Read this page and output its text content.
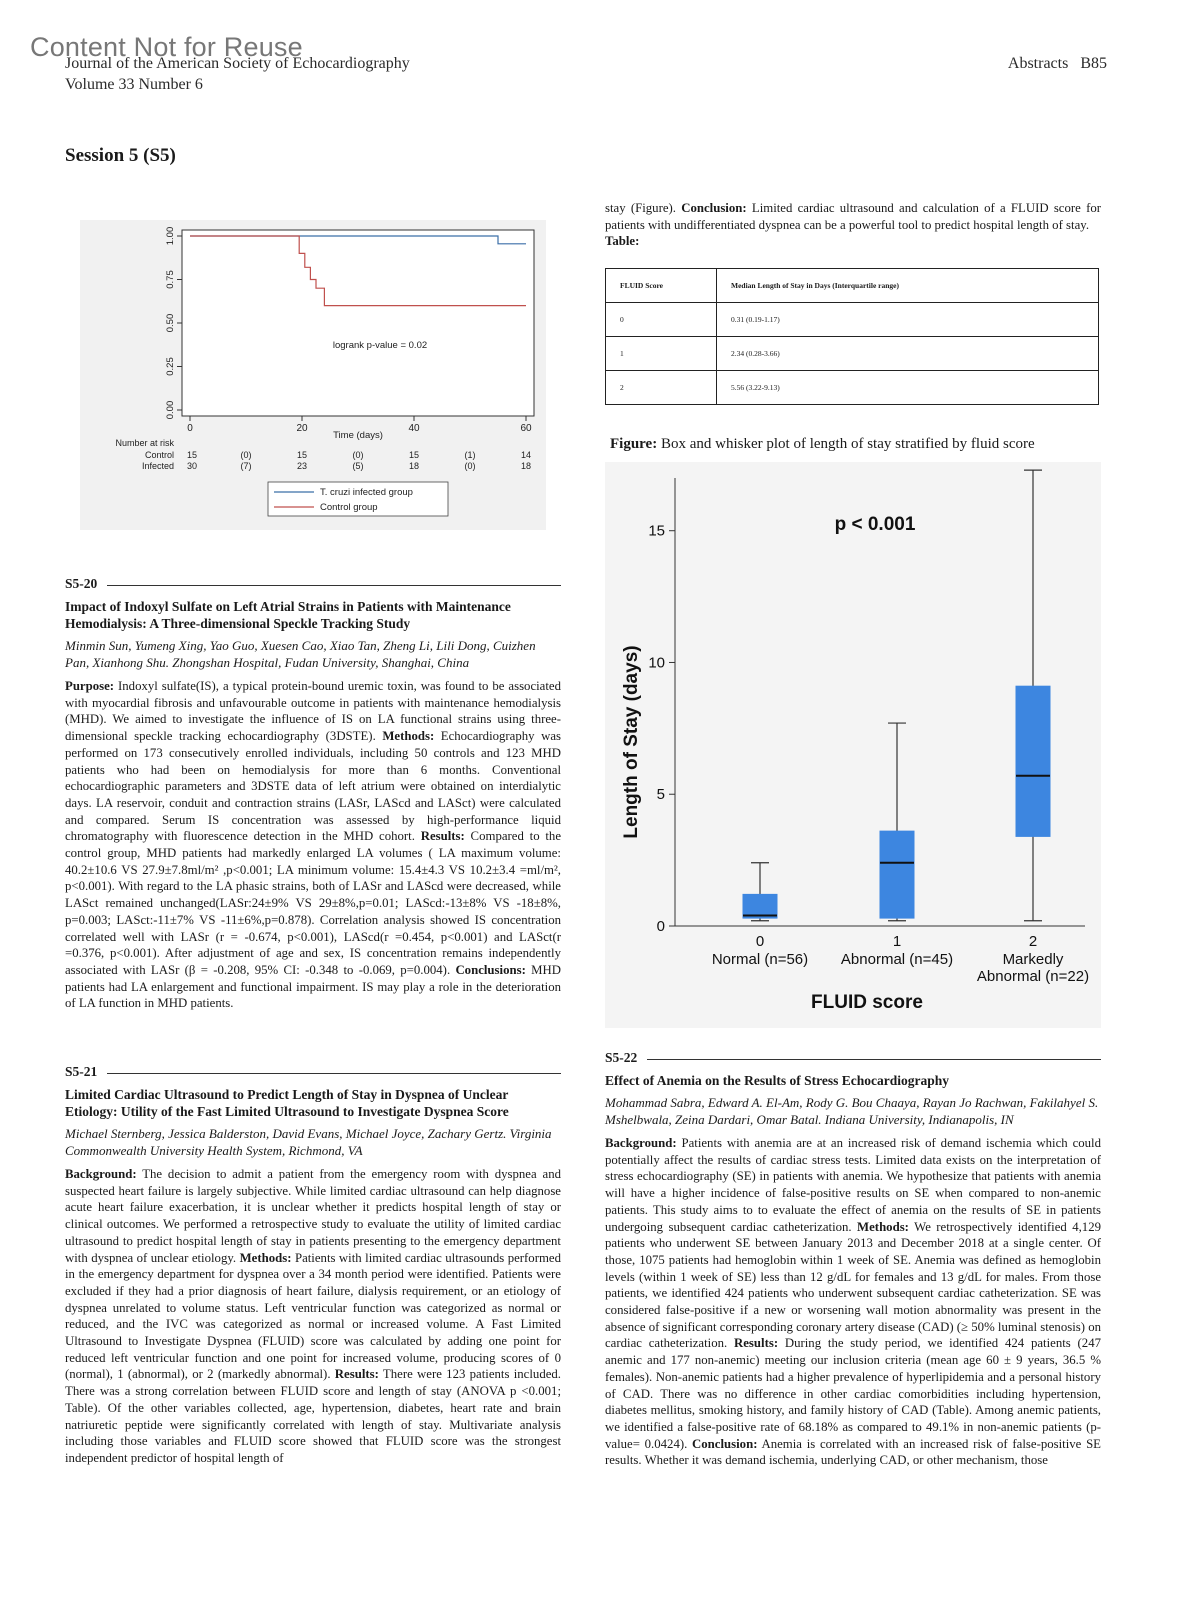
Content Not for Reuse
Journal of the American Society of Echocardiography
Volume 33 Number 6
Abstracts B85
Session 5 (S5)
0.00
0.25
0.50
0.75
1.00
0	20	40	60
Time (days)
logrank p-value = 0.02
Number at risk
Control 15	(0)	15	(0)	15	(1)	14
Infected 30	(7)	23	(5)	18	(0)	18
T. cruzi infected group
Control group
S5-20
Impact of Indoxyl Sulfate on Left Atrial Strains in Patients with Maintenance Hemodialysis: A Three-dimensional Speckle Tracking Study
Minmin Sun, Yumeng Xing, Yao Guo, Xuesen Cao, Xiao Tan, Zheng Li, Lili Dong, Cuizhen Pan, Xianhong Shu. Zhongshan Hospital, Fudan University, Shanghai, China

Purpose: Indoxyl sulfate(IS), a typical protein-bound uremic toxin, was found to be associated with myocardial fibrosis and unfavourable outcome in patients with maintenance hemodialysis (MHD). We aimed to investigate the influence of IS on LA functional strains using three-dimensional speckle tracking echocardiography (3DSTE). Methods: Echocardiography was performed on 173 consecutively enrolled individuals, including 50 controls and 123 MHD patients who had been on hemodialysis for more than 6 months. Conventional echocardiographic parameters and 3DSTE data of left atrium were obtained on interdialytic days. LA reservoir, conduit and contraction strains (LASr, LAScd and LASct) were calculated and compared. Serum IS concentration was assessed by high-performance liquid chromatography with fluorescence detection in the MHD cohort. Results: Compared to the control group, MHD patients had markedly enlarged LA volumes ( LA maximum volume: 40.2±10.6 VS 27.9±7.8ml/m² ,p<0.001; LA minimum volume: 15.4±4.3 VS 10.2±3.4 =ml/m², p<0.001). With regard to the LA phasic strains, both of LASr and LAScd were decreased, while LASct remained unchanged(LASr:24±9% VS 29±8%,p=0.01; LAScd:-13±8% VS -18±8%, p=0.003; LASct:-11±7% VS -11±6%,p=0.878). Correlation analysis showed IS concentration correlated well with LASr (r = -0.674, p<0.001), LAScd(r =0.454, p<0.001) and LASct(r =0.376, p<0.001). After adjustment of age and sex, IS concentration remains independently associated with LASr (β = -0.208, 95% CI: -0.348 to -0.069, p=0.004). Conclusions: MHD patients had LA enlargement and functional impairment. IS may play a role in the deterioration of LA function in MHD patients.

S5-21
Limited Cardiac Ultrasound to Predict Length of Stay in Dyspnea of Unclear Etiology: Utility of the Fast Limited Ultrasound to Investigate Dyspnea Score
Michael Sternberg, Jessica Balderston, David Evans, Michael Joyce, Zachary Gertz. Virginia Commonwealth University Health System, Richmond, VA

Background: The decision to admit a patient from the emergency room with dyspnea and suspected heart failure is largely subjective. While limited cardiac ultrasound can help diagnose acute heart failure exacerbation, it is unclear whether it predicts hospital length of stay or clinical outcomes. We performed a retrospective study to evaluate the utility of limited cardiac ultrasound to predict hospital length of stay in patients presenting to the emergency department with dyspnea of unclear etiology. Methods: Patients with limited cardiac ultrasounds performed in the emergency department for dyspnea over a 34 month period were identified. Patients were excluded if they had a prior diagnosis of heart failure, dialysis requirement, or an etiology of dyspnea unrelated to volume status. Left ventricular function was categorized as normal or reduced, and the IVC was categorized as normal or increased volume. A Fast Limited Ultrasound to Investigate Dyspnea (FLUID) score was calculated by adding one point for reduced left ventricular function and one point for increased volume, producing scores of 0 (normal), 1 (abnormal), or 2 (markedly abnormal). Results: There were 123 patients included. There was a strong correlation between FLUID score and length of stay (ANOVA p <0.001; Table). Of the other variables collected, age, hypertension, diabetes, heart rate and brain natriuretic peptide were significantly correlated with length of stay. Multivariate analysis including those variables and FLUID score showed that FLUID score was the strongest independent predictor of hospital length of

stay (Figure). Conclusion: Limited cardiac ultrasound and calculation of a FLUID score for patients with undifferentiated dyspnea can be a powerful tool to predict hospital length of stay.

Table:
FLUID Score	Median Length of Stay in Days (Interquartile range)
0	0.31 (0.19-1.17)
1	2.34 (0.28-3.66)
2	5.56 (3.22-9.13)
Figure: Box and whisker plot of length of stay stratified by fluid score
0
5
10
15
Length of Stay (days)
p < 0.001
0
Normal (n=56)
1
Abnormal (n=45)
2
Markedly
Abnormal (n=22)
FLUID score
S5-22
Effect of Anemia on the Results of Stress Echocardiography
Mohammad Sabra, Edward A. El-Am, Rody G. Bou Chaaya, Rayan Jo Rachwan, Fakilahyel S. Mshelbwala, Zeina Dardari, Omar Batal. Indiana University, Indianapolis, IN

Background: Patients with anemia are at an increased risk of demand ischemia which could potentially affect the results of cardiac stress tests. Limited data exists on the interpretation of stress echocardiography (SE) in patients with anemia. We hypothesize that patients with anemia will have a higher incidence of false-positive results on SE when compared to non-anemic patients. This study aims to to evaluate the effect of anemia on the results of SE in patients undergoing subsequent cardiac catheterization. Methods: We retrospectively identified 4,129 patients who underwent SE between January 2013 and December 2018 at a single center. Of those, 1075 patients had hemoglobin within 1 week of SE. Anemia was defined as hemoglobin levels (within 1 week of SE) less than 12 g/dL for females and 13 g/dL for males. From those patients, we identified 424 patients who underwent subsequent cardiac catheterization. SE was considered false-positive if a new or worsening wall motion abnormality was present in the absence of significant corresponding coronary artery disease (CAD) (≥ 50% luminal stenosis) on cardiac catheterization. Results: During the study period, we identified 424 patients (247 anemic and 177 non-anemic) meeting our inclusion criteria (mean age 60 ± 9 years, 36.5 % females). Non-anemic patients had a higher prevalence of hyperlipidemia and a personal history of CAD. There was no difference in other cardiac comorbidities including hypertension, diabetes mellitus, smoking history, and family history of CAD (Table). Among anemic patients, we identified a false-positive rate of 68.18% as compared to 49.1% in non-anemic patients (p-value= 0.0424). Conclusion: Anemia is correlated with an increased risk of false-positive SE results. Whether it was demand ischemia, underlying CAD, or other mechanism, those
